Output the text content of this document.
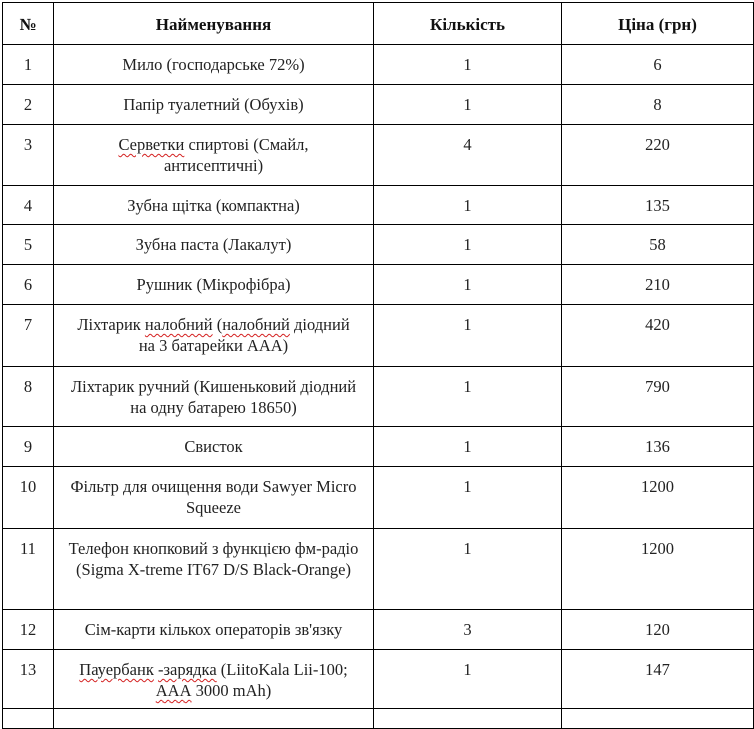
№	Найменування	Кількість	Ціна (грн)
1	Мило (господарське 72%)	1	6
2	Папір туалетний (Обухів)	1	8
3	Серветки спиртові (Смайл, антисептичні)	4	220
4	Зубна щітка (компактна)	1	135
5	Зубна паста (Лакалут)	1	58
6	Рушник (Мікрофібра)	1	210
7	Ліхтарик налобний (налобний діодний на 3 батарейки ААА)	1	420
8	Ліхтарик ручний (Кишеньковий діодний на одну батарею 18650)	1	790
9	Свисток	1	136
10	Фільтр для очищення води Sawyer Micro Squeeze	1	1200
11	Телефон кнопковий з функцією фм-радіо (Sigma X-treme IT67 D/S Black-Orange)	1	1200
12	Сім-карти кількох операторів зв'язку	3	120
13	Пауербанк -зарядка (LiitoKala Lii-100; ААА 3000 mAh)	1	147
